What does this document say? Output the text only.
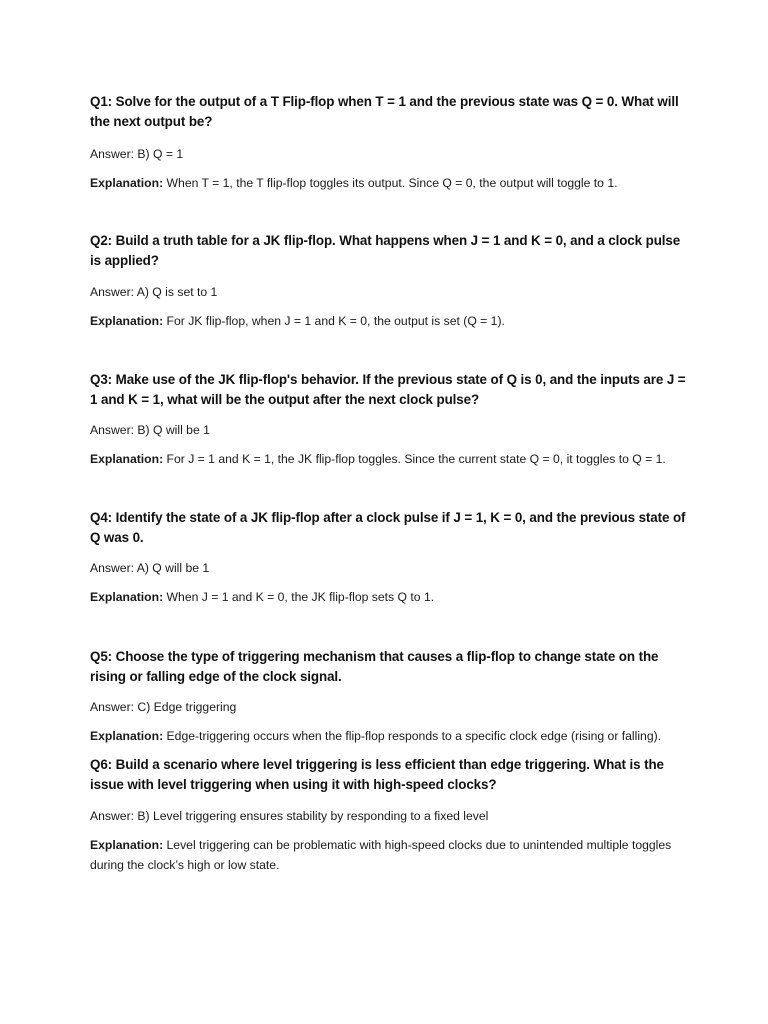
Q1: Solve for the output of a T Flip-flop when T = 1 and the previous state was Q = 0. What will the next output be?

Answer: B) Q = 1

Explanation: When T = 1, the T flip-flop toggles its output. Since Q = 0, the output will toggle to 1.

Q2: Build a truth table for a JK flip-flop. What happens when J = 1 and K = 0, and a clock pulse is applied?

Answer: A) Q is set to 1

Explanation: For JK flip-flop, when J = 1 and K = 0, the output is set (Q = 1).

Q3: Make use of the JK flip-flop's behavior. If the previous state of Q is 0, and the inputs are J = 1 and K = 1, what will be the output after the next clock pulse?

Answer: B) Q will be 1

Explanation: For J = 1 and K = 1, the JK flip-flop toggles. Since the current state Q = 0, it toggles to Q = 1.

Q4: Identify the state of a JK flip-flop after a clock pulse if J = 1, K = 0, and the previous state of Q was 0.

Answer: A) Q will be 1

Explanation: When J = 1 and K = 0, the JK flip-flop sets Q to 1.

Q5: Choose the type of triggering mechanism that causes a flip-flop to change state on the rising or falling edge of the clock signal.

Answer: C) Edge triggering

Explanation: Edge-triggering occurs when the flip-flop responds to a specific clock edge (rising or falling).

Q6: Build a scenario where level triggering is less efficient than edge triggering. What is the issue with level triggering when using it with high-speed clocks?

Answer: B) Level triggering ensures stability by responding to a fixed level

Explanation: Level triggering can be problematic with high-speed clocks due to unintended multiple toggles during the clock’s high or low state.
